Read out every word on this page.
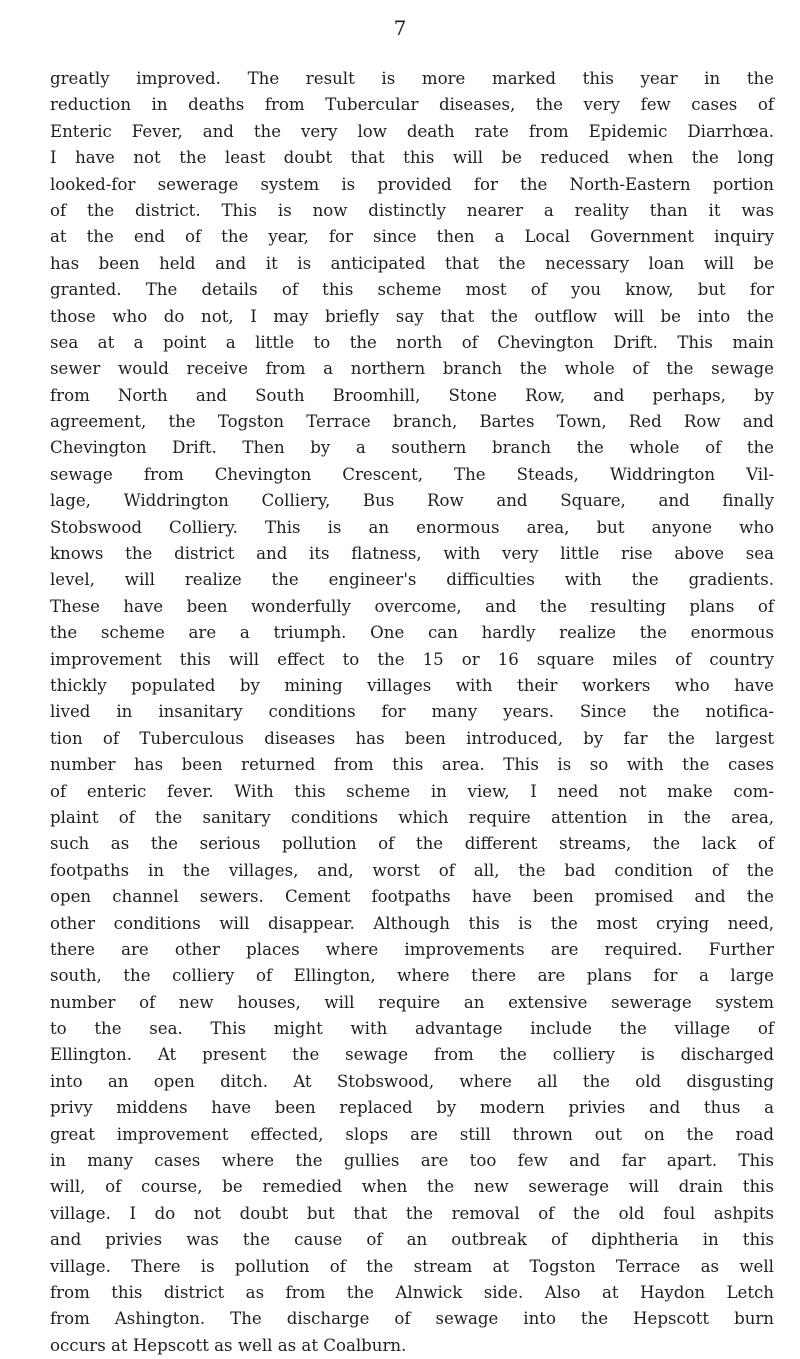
7
greatly improved. The result is more marked this year in the
reduction in deaths from Tubercular diseases, the very few cases of
Enteric Fever, and the very low death rate from Epidemic Diarrhœa.
I have not the least doubt that this will be reduced when the long
looked-for sewerage system is provided for the North-Eastern portion
of the district. This is now distinctly nearer a reality than it was
at the end of the year, for since then a Local Government inquiry
has been held and it is anticipated that the necessary loan will be
granted. The details of this scheme most of you know, but for
those who do not, I may briefly say that the outflow will be into the
sea at a point a little to the north of Chevington Drift. This main
sewer would receive from a northern branch the whole of the sewage
from North and South Broomhill, Stone Row, and perhaps, by
agreement, the Togston Terrace branch, Bartes Town, Red Row and
Chevington Drift. Then by a southern branch the whole of the
sewage from Chevington Crescent, The Steads, Widdrington Vil-
lage, Widdrington Colliery, Bus Row and Square, and finally
Stobswood Colliery. This is an enormous area, but anyone who
knows the district and its flatness, with very little rise above sea
level, will realize the engineer's difficulties with the gradients.
These have been wonderfully overcome, and the resulting plans of
the scheme are a triumph. One can hardly realize the enormous
improvement this will effect to the 15 or 16 square miles of country
thickly populated by mining villages with their workers who have
lived in insanitary conditions for many years. Since the notifica-
tion of Tuberculous diseases has been introduced, by far the largest
number has been returned from this area. This is so with the cases
of enteric fever. With this scheme in view, I need not make com-
plaint of the sanitary conditions which require attention in the area,
such as the serious pollution of the different streams, the lack of
footpaths in the villages, and, worst of all, the bad condition of the
open channel sewers. Cement footpaths have been promised and the
other conditions will disappear. Although this is the most crying need,
there are other places where improvements are required. Further
south, the colliery of Ellington, where there are plans for a large
number of new houses, will require an extensive sewerage system
to the sea. This might with advantage include the village of
Ellington. At present the sewage from the colliery is discharged
into an open ditch. At Stobswood, where all the old disgusting
privy middens have been replaced by modern privies and thus a
great improvement effected, slops are still thrown out on the road
in many cases where the gullies are too few and far apart. This
will, of course, be remedied when the new sewerage will drain this
village. I do not doubt but that the removal of the old foul ashpits
and privies was the cause of an outbreak of diphtheria in this
village. There is pollution of the stream at Togston Terrace as well
from this district as from the Alnwick side. Also at Haydon Letch
from Ashington. The discharge of sewage into the Hepscott burn
occurs at Hepscott as well as at Coalburn.
